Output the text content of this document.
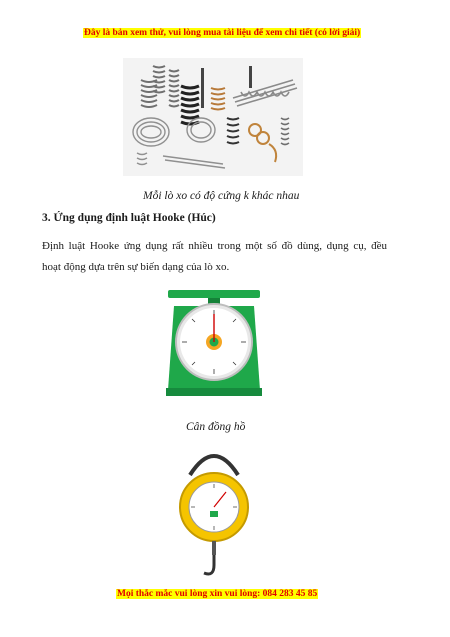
Đây là bản xem thử, vui lòng mua tài liệu để xem chi tiết (có lời giải)
Mỗi lò xo có độ cứng k khác nhau
3. Ứng dụng định luật Hooke (Húc)
Định luật Hooke ứng dụng rất nhiều trong một số đồ dùng, dụng cụ, đều
hoạt động dựa trên sự biến dạng của lò xo.
Cân đồng hồ
Mọi thắc mắc vui lòng xin vui lòng: 084 283 45 85
